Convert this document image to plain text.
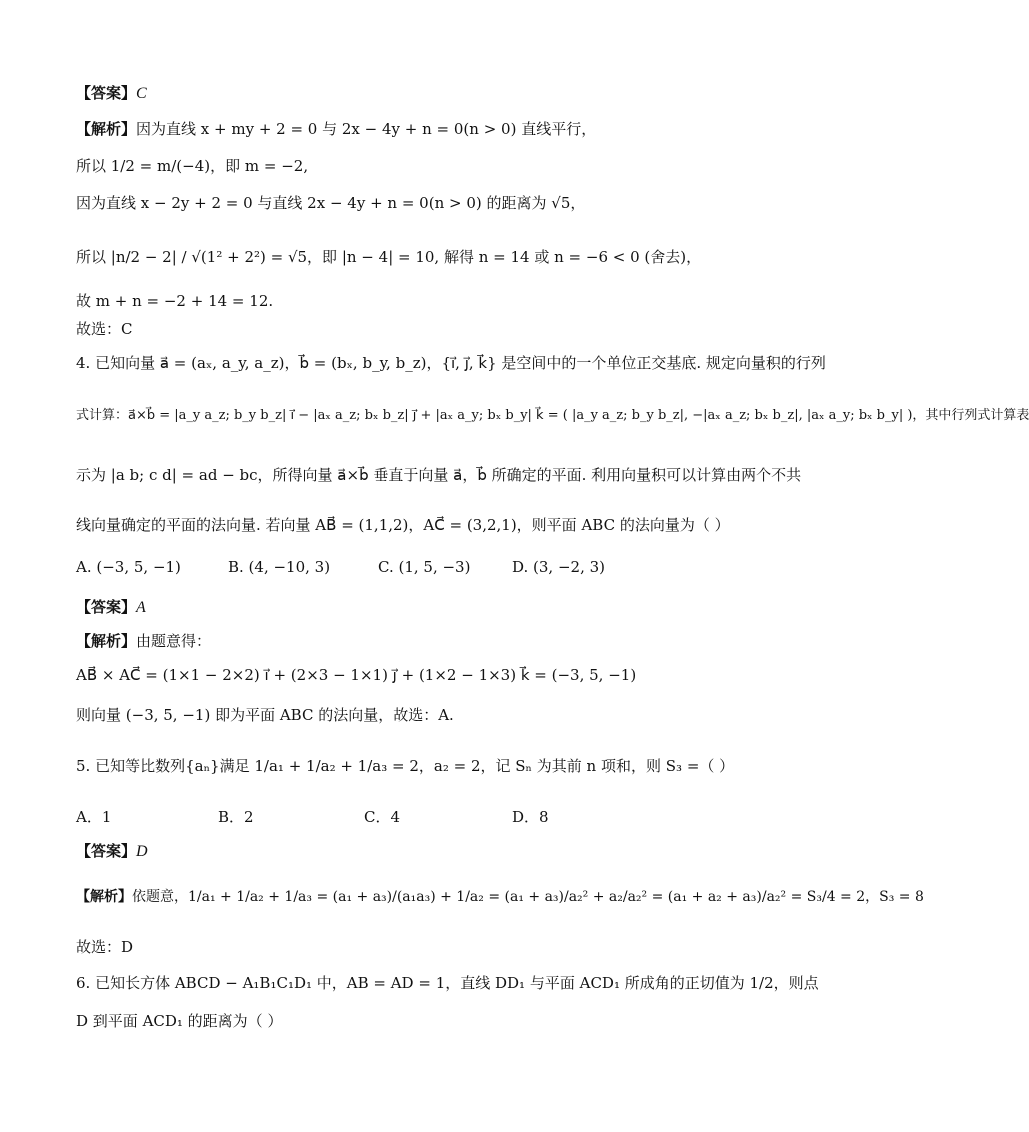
【答案】C
【解析】因为直线 x + my + 2 = 0 与 2x − 4y + n = 0(n > 0) 直线平行，
所以 1/2 = m/(−4)，即 m = −2,
因为直线 x − 2y + 2 = 0 与直线 2x − 4y + n = 0(n > 0) 的距离为 √5，
所以 |n/2 − 2| / √(1² + 2²) = √5，即 |n − 4| = 10, 解得 n = 14 或 n = −6 < 0 (舍去)，
故 m + n = −2 + 14 = 12.
故选：C
4. 已知向量 a⃗ = (aₓ, a_y, a_z)，b⃗ = (bₓ, b_y, b_z)，{i⃗, j⃗, k⃗} 是空间中的一个单位正交基底. 规定向量积的行列
式计算：a⃗×b⃗ = |a_y a_z; b_y b_z| i⃗ − |aₓ a_z; bₓ b_z| j⃗ + |aₓ a_y; bₓ b_y| k⃗ = ( |a_y a_z; b_y b_z|, −|aₓ a_z; bₓ b_z|, |aₓ a_y; bₓ b_y| )，其中行列式计算表
示为 |a b; c d| = ad − bc，所得向量 a⃗×b⃗ 垂直于向量 a⃗，b⃗ 所确定的平面. 利用向量积可以计算由两个不共
线向量确定的平面的法向量. 若向量 AB⃗ = (1,1,2)，AC⃗ = (3,2,1)，则平面 ABC 的法向量为（ ）
A. (−3, 5, −1)	B. (4, −10, 3)	C. (1, 5, −3)	D. (3, −2, 3)
【答案】A
【解析】由题意得：
AB⃗ × AC⃗ = (1×1 − 2×2) i⃗ + (2×3 − 1×1) j⃗ + (1×2 − 1×3) k⃗ = (−3, 5, −1)
则向量 (−3, 5, −1) 即为平面 ABC 的法向量，故选：A.
5. 已知等比数列{aₙ}满足 1/a₁ + 1/a₂ + 1/a₃ = 2，a₂ = 2，记 Sₙ 为其前 n 项和，则 S₃ =（ ）
A．1	B．2	C．4	D．8
【答案】D
【解析】依题意，1/a₁ + 1/a₂ + 1/a₃ = (a₁ + a₃)/(a₁a₃) + 1/a₂ = (a₁ + a₃)/a₂² + a₂/a₂² = (a₁ + a₂ + a₃)/a₂² = S₃/4 = 2，S₃ = 8
故选：D
6. 已知长方体 ABCD − A₁B₁C₁D₁ 中，AB = AD = 1，直线 DD₁ 与平面 ACD₁ 所成角的正切值为 1/2，则点
D 到平面 ACD₁ 的距离为（ ）
